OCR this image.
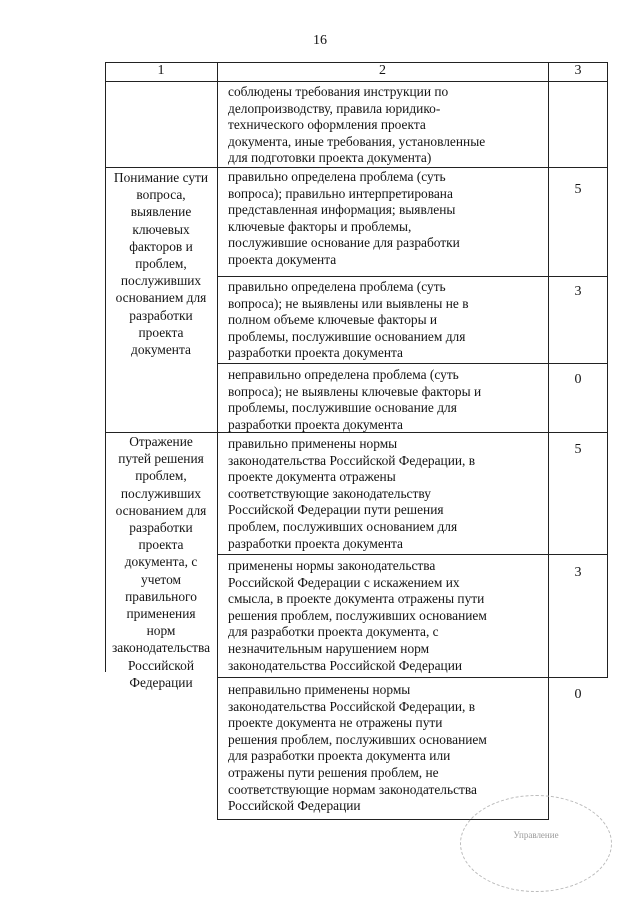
16
1	2	3
соблюдены требования инструкции по
делопроизводству, правила юридико-
технического оформления проекта
документа, иные требования, установленные
для подготовки проекта документа)
Понимание сути
вопроса,
выявление
ключевых
факторов и
проблем,
послуживших
основанием для
разработки
проекта
документа
правильно определена проблема (суть
вопроса); правильно интерпретирована
представленная информация; выявлены
ключевые факторы и проблемы,
послужившие основание для разработки
проекта документа
5
правильно определена проблема (суть
вопроса); не выявлены или выявлены не в
полном объеме ключевые факторы и
проблемы, послужившие основанием для
разработки проекта документа
3
неправильно определена проблема (суть
вопроса); не выявлены ключевые факторы и
проблемы, послужившие основание для
разработки проекта документа
0
Отражение
путей решения
проблем,
послуживших
основанием для
разработки
проекта
документа, с
учетом
правильного
применения
норм
законодательства
Российской
Федерации
правильно применены нормы
законодательства Российской Федерации, в
проекте документа отражены
соответствующие законодательству
Российской Федерации пути решения
проблем, послуживших основанием для
разработки проекта документа
5
применены нормы законодательства
Российской Федерации с искажением их
смысла, в проекте документа отражены пути
решения проблем, послуживших основанием
для разработки проекта документа, с
незначительным нарушением норм
законодательства Российской Федерации
3
неправильно применены нормы
законодательства Российской Федерации, в
проекте документа не отражены пути
решения проблем, послуживших основанием
для разработки проекта документа или
отражены пути решения проблем, не
соответствующие нормам законодательства
Российской Федерации
0
Управление
